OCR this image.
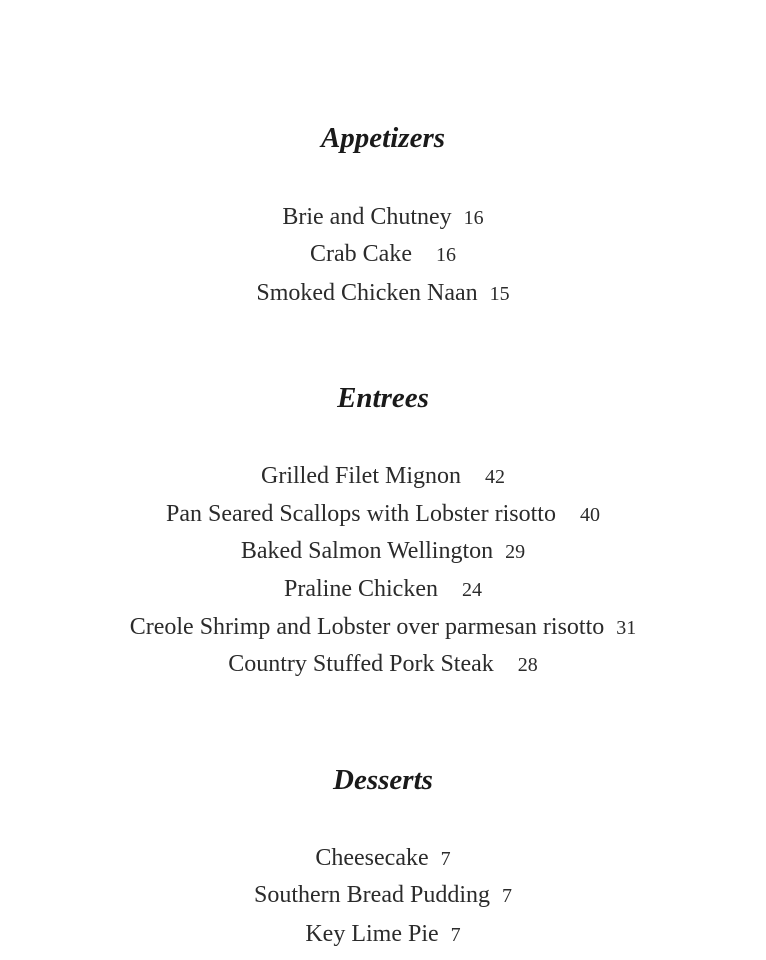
Appetizers
Brie and Chutney 16
Crab Cake 16
Smoked Chicken Naan 15
Entrees
Grilled Filet Mignon 42
Pan Seared Scallops with Lobster risotto 40
Baked Salmon Wellington 29
Praline Chicken 24
Creole Shrimp and Lobster over parmesan risotto 31
Country Stuffed Pork Steak 28
Desserts
Cheesecake 7
Southern Bread Pudding 7
Key Lime Pie 7
